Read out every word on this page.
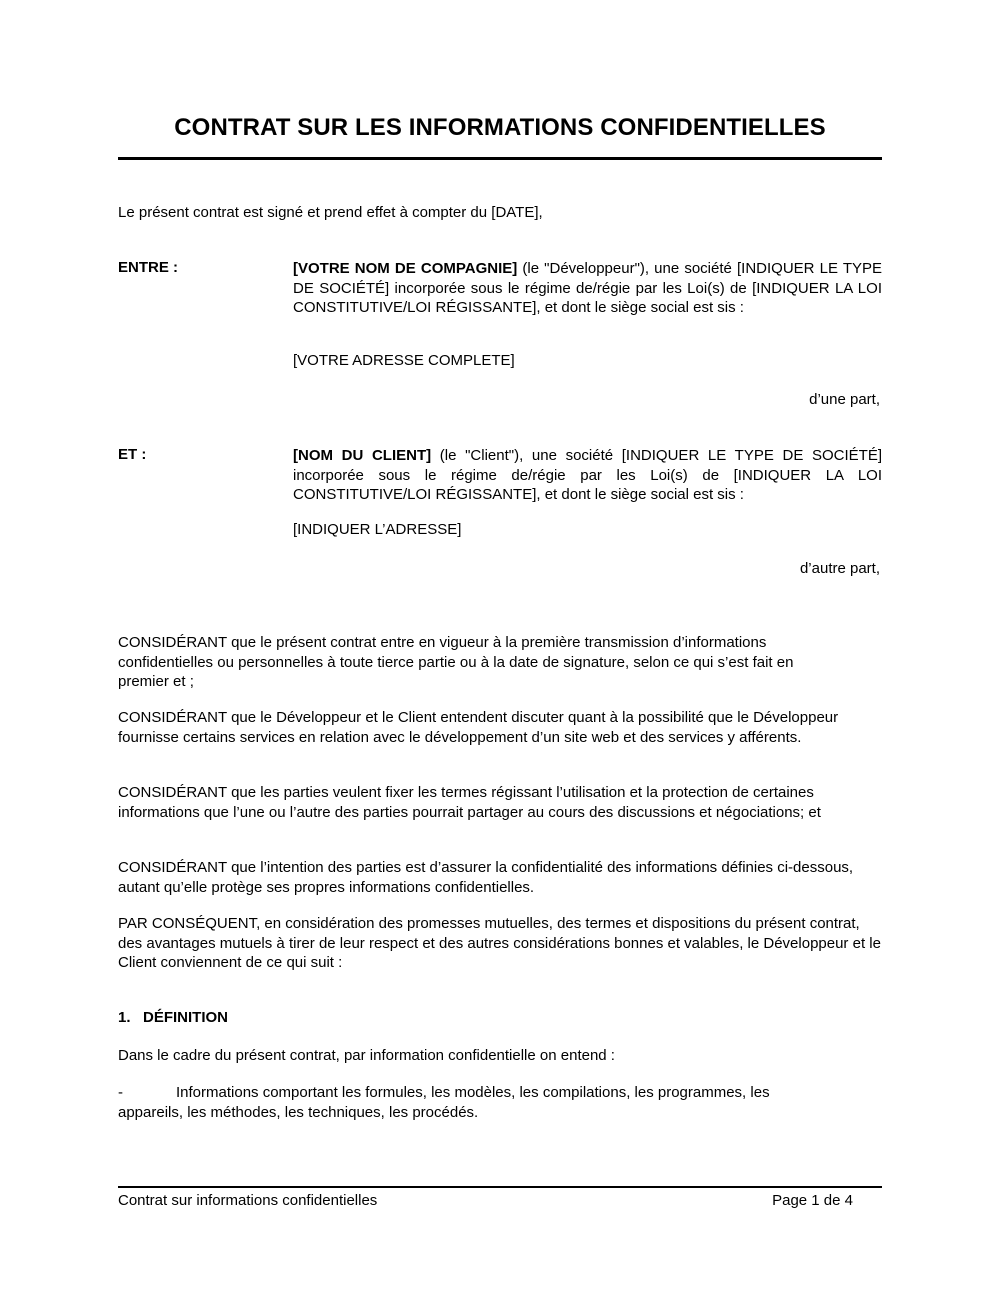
CONTRAT SUR LES INFORMATIONS CONFIDENTIELLES
Le présent contrat est signé et prend effet à compter du [DATE],
ENTRE :	[VOTRE NOM DE COMPAGNIE] (le "Développeur"), une société [INDIQUER LE TYPE DE SOCIÉTÉ] incorporée sous le régime de/régie par les Loi(s) de [INDIQUER LA LOI CONSTITUTIVE/LOI RÉGISSANTE], et dont le siège social est sis :
[VOTRE ADRESSE COMPLETE]
d’une part,
ET :	[NOM DU CLIENT] (le "Client"), une société [INDIQUER LE TYPE DE SOCIÉTÉ] incorporée sous le régime de/régie par les Loi(s) de [INDIQUER LA LOI CONSTITUTIVE/LOI RÉGISSANTE], et dont le siège social est sis :
[INDIQUER L’ADRESSE]
d’autre part,
CONSIDÉRANT que le présent contrat entre en vigueur à la première transmission d’informations confidentielles ou personnelles à toute tierce partie ou à la date de signature, selon ce qui s’est fait en premier et ;
CONSIDÉRANT que le Développeur et le Client entendent discuter quant à la possibilité que le Développeur fournisse certains services en relation avec le développement d’un site web et des services y afférents.
CONSIDÉRANT que les parties veulent fixer les termes régissant l’utilisation et la protection de certaines informations que l’une ou l’autre des parties pourrait partager au cours des discussions et négociations; et
CONSIDÉRANT que l’intention des parties est d’assurer la confidentialité des informations définies ci-dessous, autant qu’elle protège ses propres informations confidentielles.
PAR CONSÉQUENT, en considération des promesses mutuelles, des termes et dispositions du présent contrat, des avantages mutuels à tirer de leur respect et des autres considérations bonnes et valables, le Développeur et le Client conviennent de ce qui suit :
1.   DÉFINITION
Dans le cadre du présent contrat, par information confidentielle on entend :
-	Informations comportant les formules, les modèles, les compilations, les programmes, les appareils, les méthodes, les techniques, les procédés.
Contrat sur informations confidentielles	Page 1 de 4
